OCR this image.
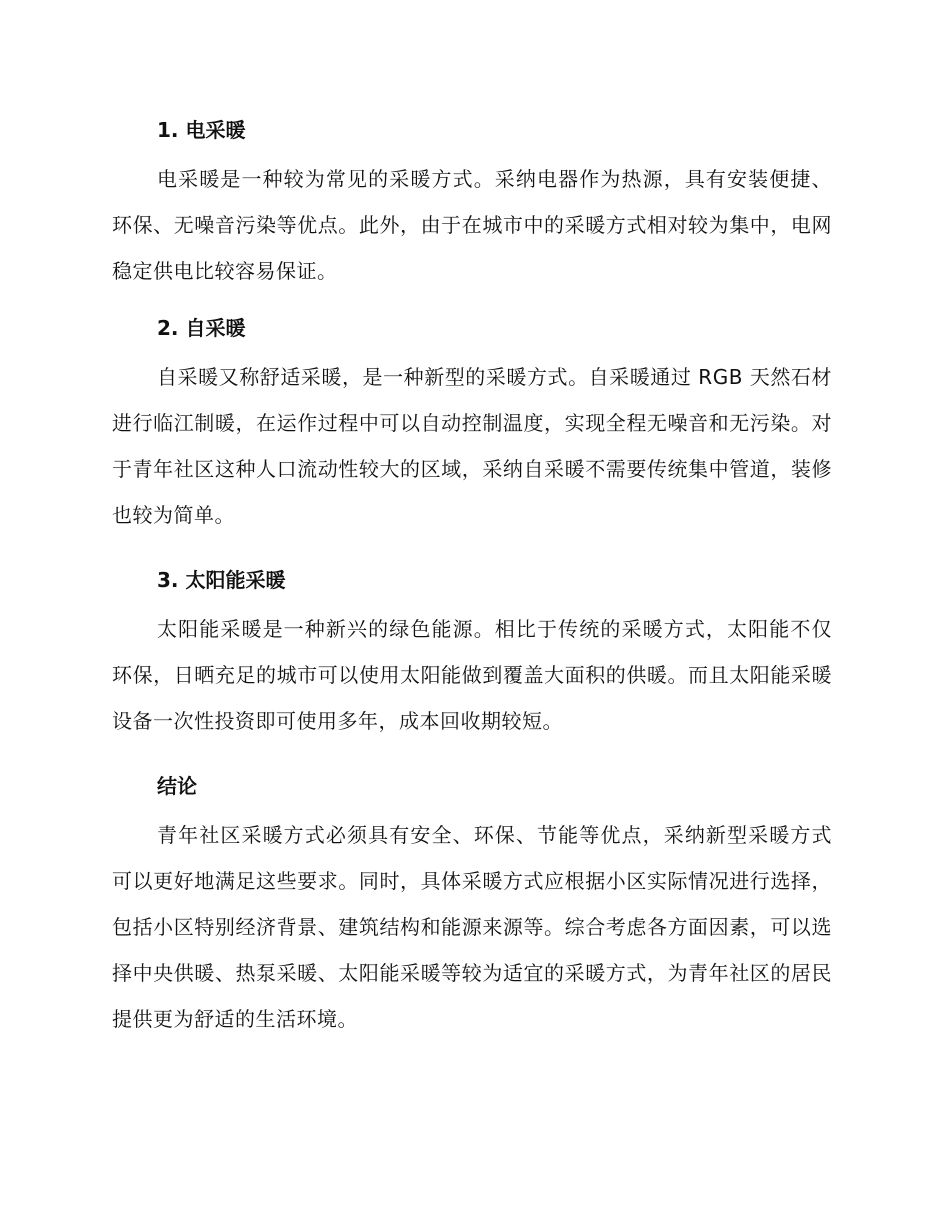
1. 电采暖

电采暖是一种较为常见的采暖方式。采纳电器作为热源，具有安装便捷、环保、无噪音污染等优点。此外，由于在城市中的采暖方式相对较为集中，电网稳定供电比较容易保证。

2. 自采暖

自采暖又称舒适采暖，是一种新型的采暖方式。自采暖通过 RGB 天然石材进行临江制暖，在运作过程中可以自动控制温度，实现全程无噪音和无污染。对于青年社区这种人口流动性较大的区域，采纳自采暖不需要传统集中管道，装修也较为简单。

3. 太阳能采暖

太阳能采暖是一种新兴的绿色能源。相比于传统的采暖方式，太阳能不仅环保，日晒充足的城市可以使用太阳能做到覆盖大面积的供暖。而且太阳能采暖设备一次性投资即可使用多年，成本回收期较短。

结论

青年社区采暖方式必须具有安全、环保、节能等优点，采纳新型采暖方式可以更好地满足这些要求。同时，具体采暖方式应根据小区实际情况进行选择，包括小区特别经济背景、建筑结构和能源来源等。综合考虑各方面因素，可以选择中央供暖、热泵采暖、太阳能采暖等较为适宜的采暖方式，为青年社区的居民提供更为舒适的生活环境。
